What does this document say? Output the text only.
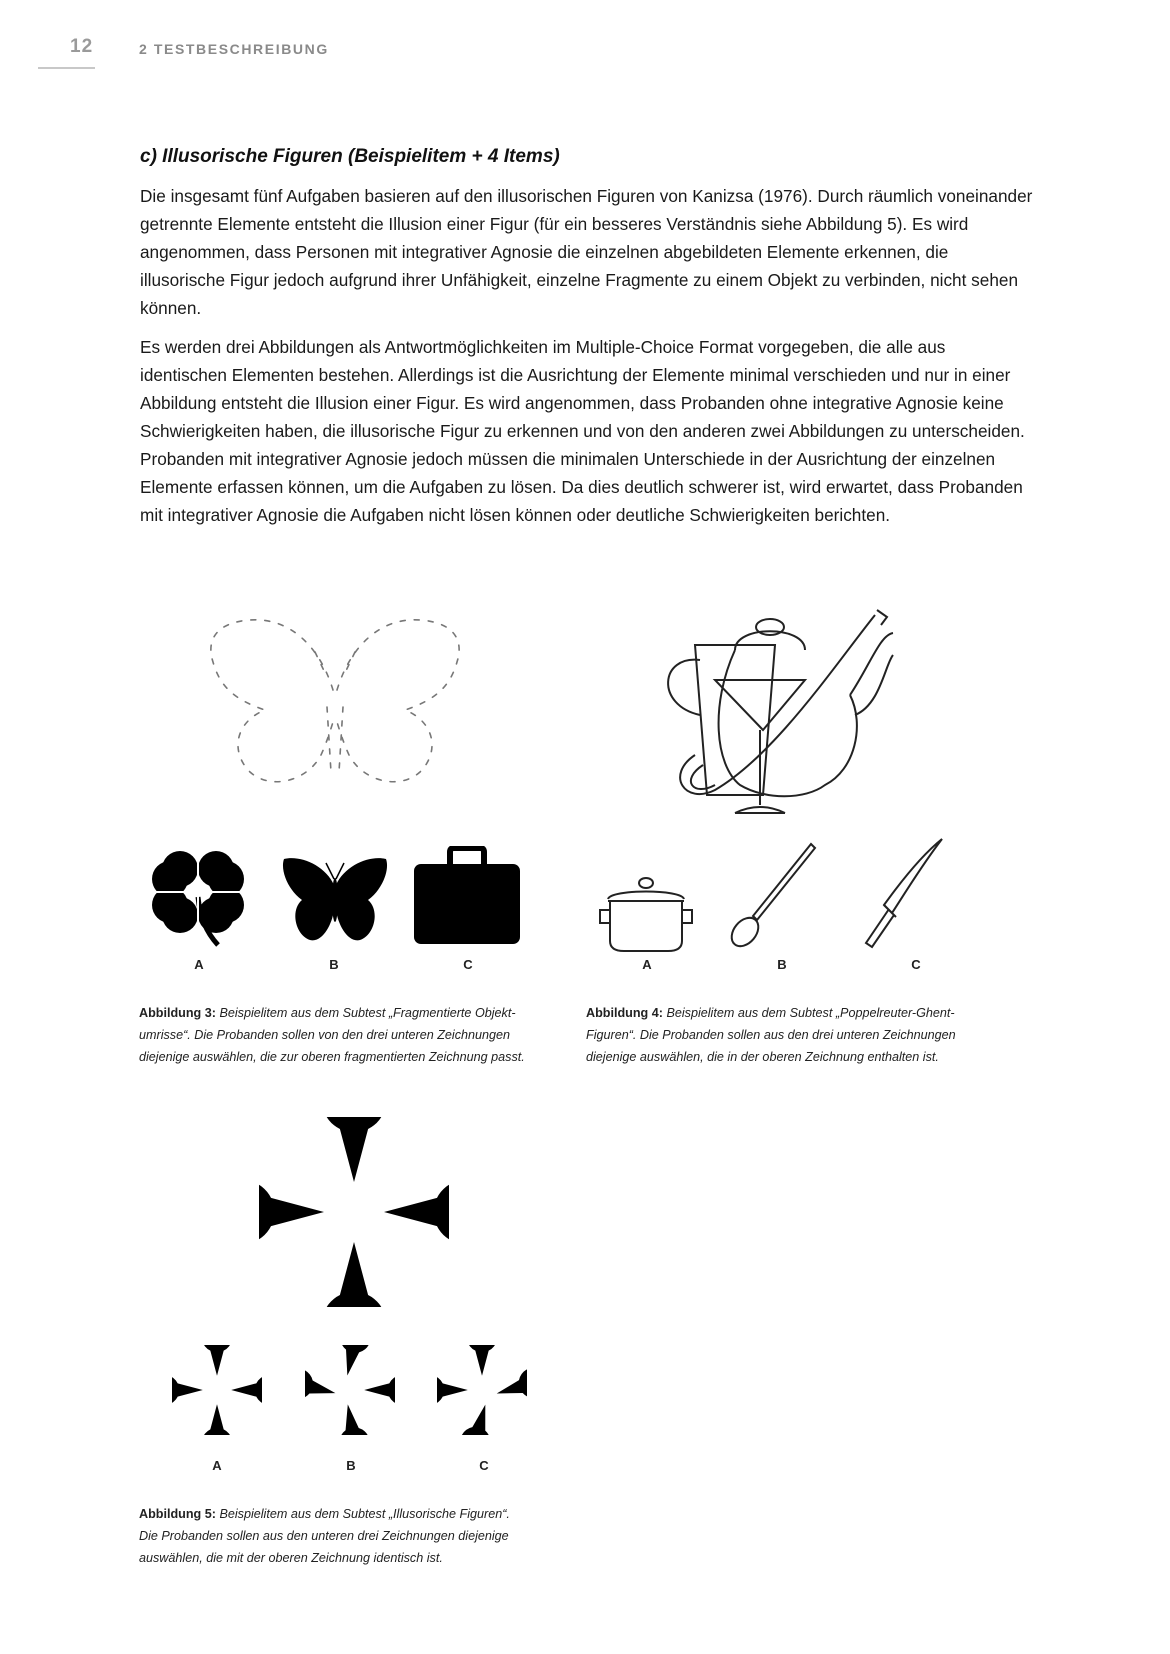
12	2 TESTBESCHREIBUNG
c) Illusorische Figuren (Beispielitem + 4 Items)

Die insgesamt fünf Aufgaben basieren auf den illusorischen Figuren von Kanizsa (1976). Durch räumlich voneinander getrennte Elemente entsteht die Illusion einer Figur (für ein besseres Verständnis siehe Abbildung 5). Es wird angenommen, dass Personen mit integrativer Agnosie die einzelnen abgebildeten Elemente erkennen, die illusorische Figur jedoch aufgrund ihrer Unfähigkeit, einzelne Fragmente zu einem Objekt zu verbinden, nicht sehen können.

Es werden drei Abbildungen als Antwortmöglichkeiten im Multiple-Choice Format vorgegeben, die alle aus identischen Elementen bestehen. Allerdings ist die Ausrichtung der Elemente minimal verschieden und nur in einer Abbildung entsteht die Illusion einer Figur. Es wird angenommen, dass Probanden ohne integrative Agnosie keine Schwierigkeiten haben, die illusorische Figur zu erkennen und von den anderen zwei Abbildungen zu unterscheiden. Probanden mit integrativer Agnosie jedoch müssen die minimalen Unterschiede in der Ausrichtung der einzelnen Elemente erfassen können, um die Aufgaben zu lösen. Da dies deutlich schwerer ist, wird erwartet, dass Probanden mit integrativer Agnosie die Aufgaben nicht lösen können oder deutliche Schwierigkeiten berichten.

A	B	C
Abbildung 3: Beispielitem aus dem Subtest „Fragmentierte Objekt-
umrisse“. Die Probanden sollen von den drei unteren Zeichnungen
diejenige auswählen, die zur oberen fragmentierten Zeichnung passt.
A	B	C
Abbildung 4: Beispielitem aus dem Subtest „Poppelreuter-Ghent-
Figuren“. Die Probanden sollen aus den drei unteren Zeichnungen
diejenige auswählen, die in der oberen Zeichnung enthalten ist.
A	B	C
Abbildung 5: Beispielitem aus dem Subtest „Illusorische Figuren“.
Die Probanden sollen aus den unteren drei Zeichnungen diejenige
auswählen, die mit der oberen Zeichnung identisch ist.
